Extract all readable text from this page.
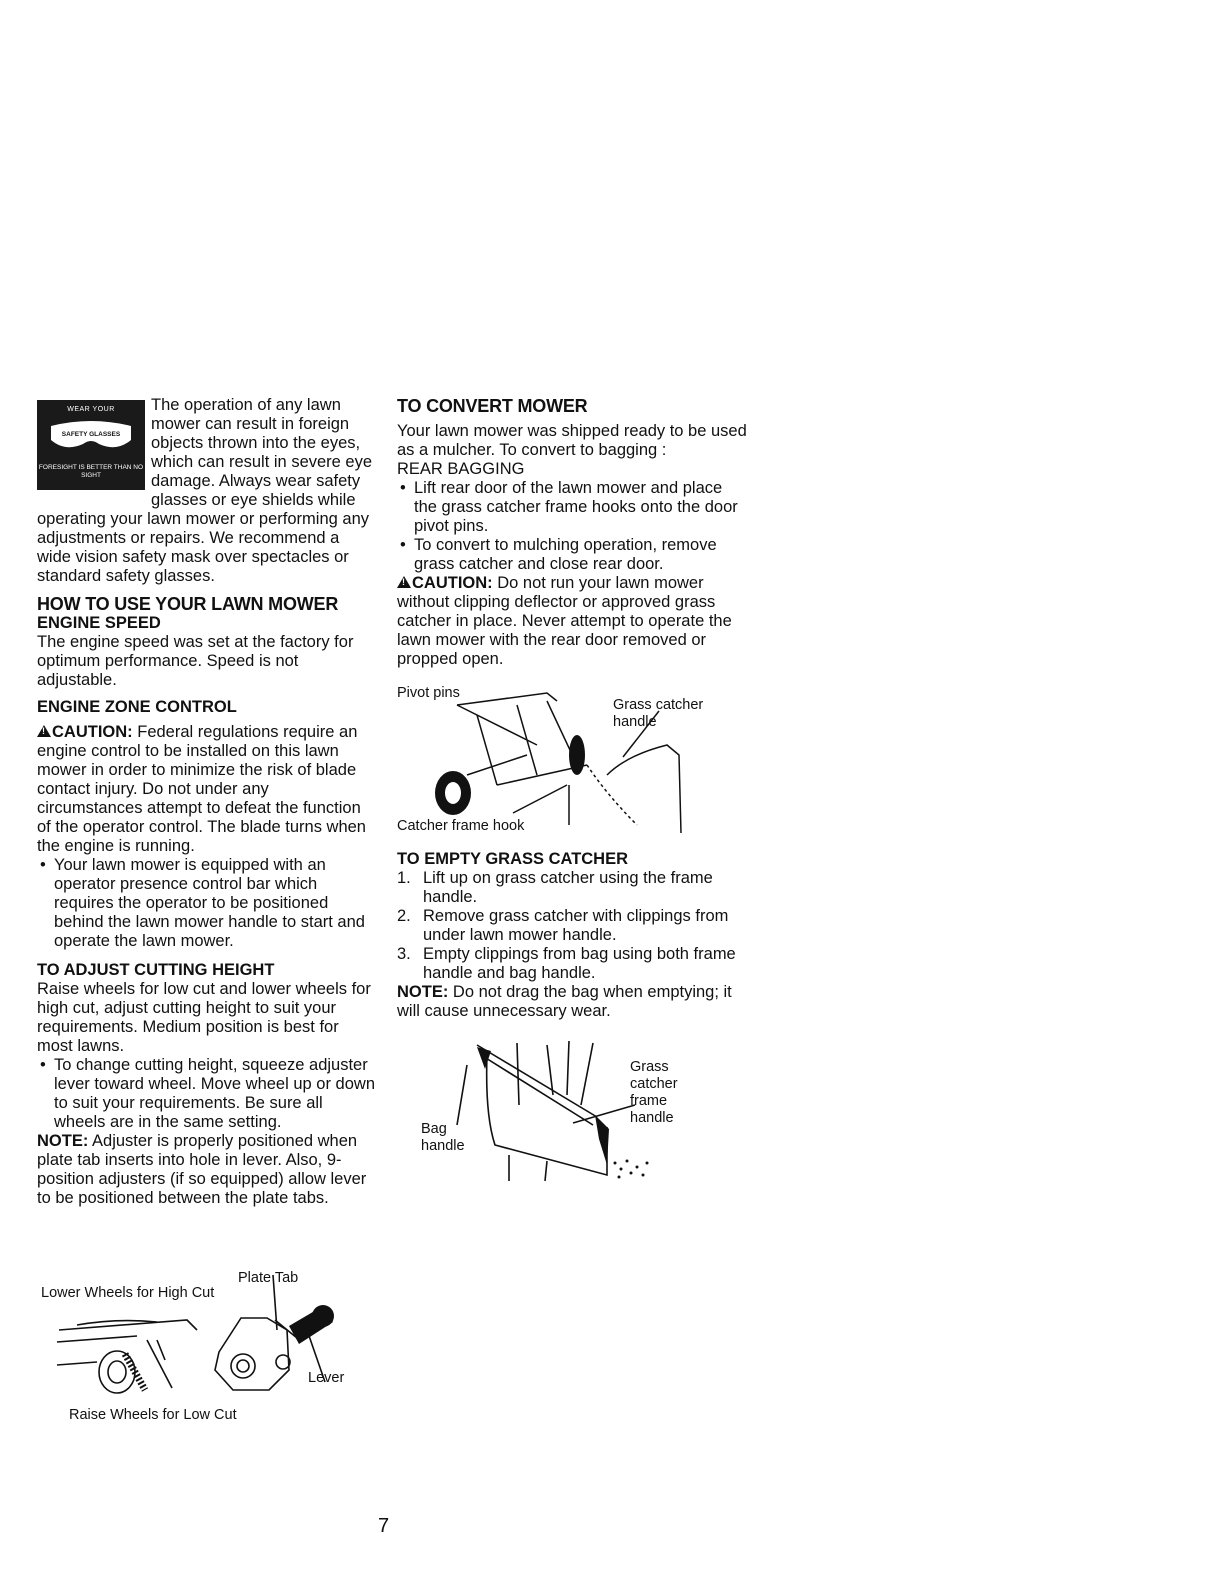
WEAR YOUR
SAFETY GLASSES
FORESIGHT IS BETTER THAN NO SIGHT

The operation of any lawn mower can result in foreign objects thrown into the eyes, which can result in severe eye damage. Always wear safety glasses or eye shields while operating your lawn mower or performing any adjustments or repairs. We recommend a wide vision safety mask over spectacles or standard safety glasses.

HOW TO USE YOUR LAWN MOWER
ENGINE SPEED

The engine speed was set at the factory for optimum performance. Speed is not adjustable.

ENGINE ZONE CONTROL

!CAUTION: Federal regulations require an engine control to be installed on this lawn mower in order to minimize the risk of blade contact injury. Do not under any circumstances attempt to defeat the function of the operator control. The blade turns when the engine is running.

• Your lawn mower is equipped with an operator presence control bar which requires the operator to be positioned behind the lawn mower handle to start and operate the lawn mower.
TO ADJUST CUTTING HEIGHT

Raise wheels for low cut and lower wheels for high cut, adjust cutting height to suit your requirements. Medium position is best for most lawns.

• To change cutting height, squeeze adjuster lever toward wheel. Move wheel up or down to suit your requirements. Be sure all wheels are in the same setting.

NOTE: Adjuster is properly positioned when plate tab inserts into hole in lever. Also, 9-position adjusters (if so equipped) allow lever to be positioned between the plate tabs.

Plate Tab
Lower Wheels for High Cut
Lever
Raise Wheels for Low Cut
TO CONVERT MOWER

Your lawn mower was shipped ready to be used as a mulcher. To convert to bagging :

REAR BAGGING

• Lift rear door of the lawn mower and place the grass catcher frame hooks onto the door pivot pins.
• To convert to mulching operation, remove grass catcher and close rear door.

!CAUTION: Do not run your lawn mower without clipping deflector or approved grass catcher in place. Never attempt to operate the lawn mower with the rear door removed or propped open.

Pivot pins
Grass catcher handle
Catcher frame hook
TO EMPTY GRASS CATCHER
1. Lift up on grass catcher using the frame handle.
2. Remove grass catcher with clippings from under lawn mower handle.
3. Empty clippings from bag using both frame handle and bag handle.

NOTE: Do not drag the bag when emptying; it will cause unnecessary wear.

Grass catcher frame handle
Bag handle
7
